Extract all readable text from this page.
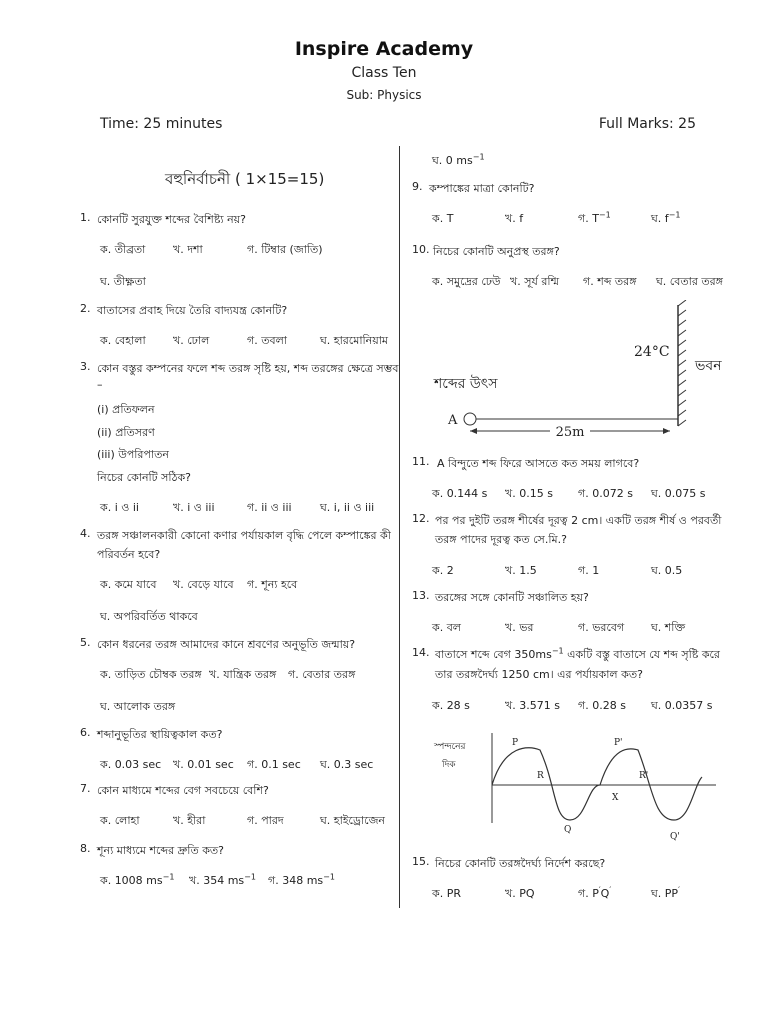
Inspire Academy
Class Ten
Sub: Physics
Time: 25 minutes	Full Marks: 25
বহুনির্বাচনী ( 1×15=15)
1. কোনটি সুরযুক্ত শব্দের বৈশিষ্ট্য নয়?
ক. তীব্রতা	খ. দশা	গ. টিম্বার (জাতি)
ঘ. তীক্ষ্ণতা
2. বাতাসের প্রবাহ দিয়ে তৈরি বাদ্যযন্ত্র কোনটি?
ক. বেহালা খ. ঢোল	গ. তবলা	ঘ. হারমোনিয়াম
3. কোন বস্তুর কম্পনের ফলে শব্দ তরঙ্গ সৃষ্টি হয়, শব্দ তরঙ্গের ক্ষেত্রে সম্ভব
–
(i) প্রতিফলন
(ii) প্রতিসরণ
(iii) উপরিপাতন
নিচের কোনটি সঠিক?
ক. i ও ii	খ. i ও iii	গ. ii ও iii	ঘ. i, ii ও iii
4. তরঙ্গ সঞ্চালনকারী কোনো কণার পর্যায়কাল বৃদ্ধি পেলে কম্পাঙ্কের কী
পরিবর্তন হবে?
ক. কমে যাবে খ. বেড়ে যাবে গ. শূন্য হবে
ঘ. অপরিবর্তিত থাকবে
5. কোন ধরনের তরঙ্গ আমাদের কানে শ্রবণের অনুভূতি জন্মায়?
ক. তাড়িত চৌম্বক তরঙ্গ খ. যান্ত্রিক তরঙ্গ গ. বেতার তরঙ্গ
ঘ. আলোক তরঙ্গ
6. শব্দানুভূতির স্থায়িত্বকাল কত?
ক. 0.03 sec খ. 0.01 sec গ. 0.1 sec ঘ. 0.3 sec
7. কোন মাধ্যমে শব্দের বেগ সবচেয়ে বেশি?
ক. লোহা	খ. হীরা	গ. পারদ	ঘ. হাইড্রোজেন
8. শূন্য মাধ্যমে শব্দের দ্রুতি কত?
ক. 1008 $ms^{-1}$ খ. 354 $ms^{-1}$ গ. 348 $ms^{-1}$
ঘ. 0 $ms^{-1}$
9. কম্পাঙ্কের মাত্রা কোনটি?
ক. T	খ. f	গ. $T^{-1}$	ঘ. $f^{-1}$
10. নিচের কোনটি অনুপ্রস্থ তরঙ্গ?
ক. সমুদ্রের ঢেউ খ. সূর্য রশ্মি গ. শব্দ তরঙ্গ ঘ. বেতার তরঙ্গ
25m
A
শব্দের উৎস
24°C
ভবন
11. A বিন্দুতে শব্দ ফিরে আসতে কত সময় লাগবে?
ক. 0.144 s খ. 0.15 s গ. 0.072 s ঘ. 0.075 s
12. পর পর দুইটি তরঙ্গ শীর্ষের দূরত্ব 2 cm। একটি তরঙ্গ শীর্ষ ও পরবর্তী
তরঙ্গ পাদের দূরত্ব কত সে.মি.?
ক. 2	খ. 1.5	গ. 1	ঘ. 0.5
13. তরঙ্গের সঙ্গে কোনটি সঞ্চালিত হয়?
ক. বল	খ. ভর	গ. ভরবেগ ঘ. শক্তি
14. বাতাসে শব্দে বেগ $350ms^{-1}$ একটি বস্তু বাতাসে যে শব্দ সৃষ্টি করে
তার তরঙ্গদৈর্ঘ্য 1250 cm। এর পর্যায়কাল কত?
ক. 28 s	খ. 3.571 s গ. 0.28 s ঘ. 0.0357 s
স্পন্দনের
দিক
P	P'
R	R'
Q
Q'
X
15. নিচের কোনটি তরঙ্গদৈর্ঘ্য নির্দেশ করছে?
ক. PR	খ. PQ	গ. P′Q′	ঘ. PP′
